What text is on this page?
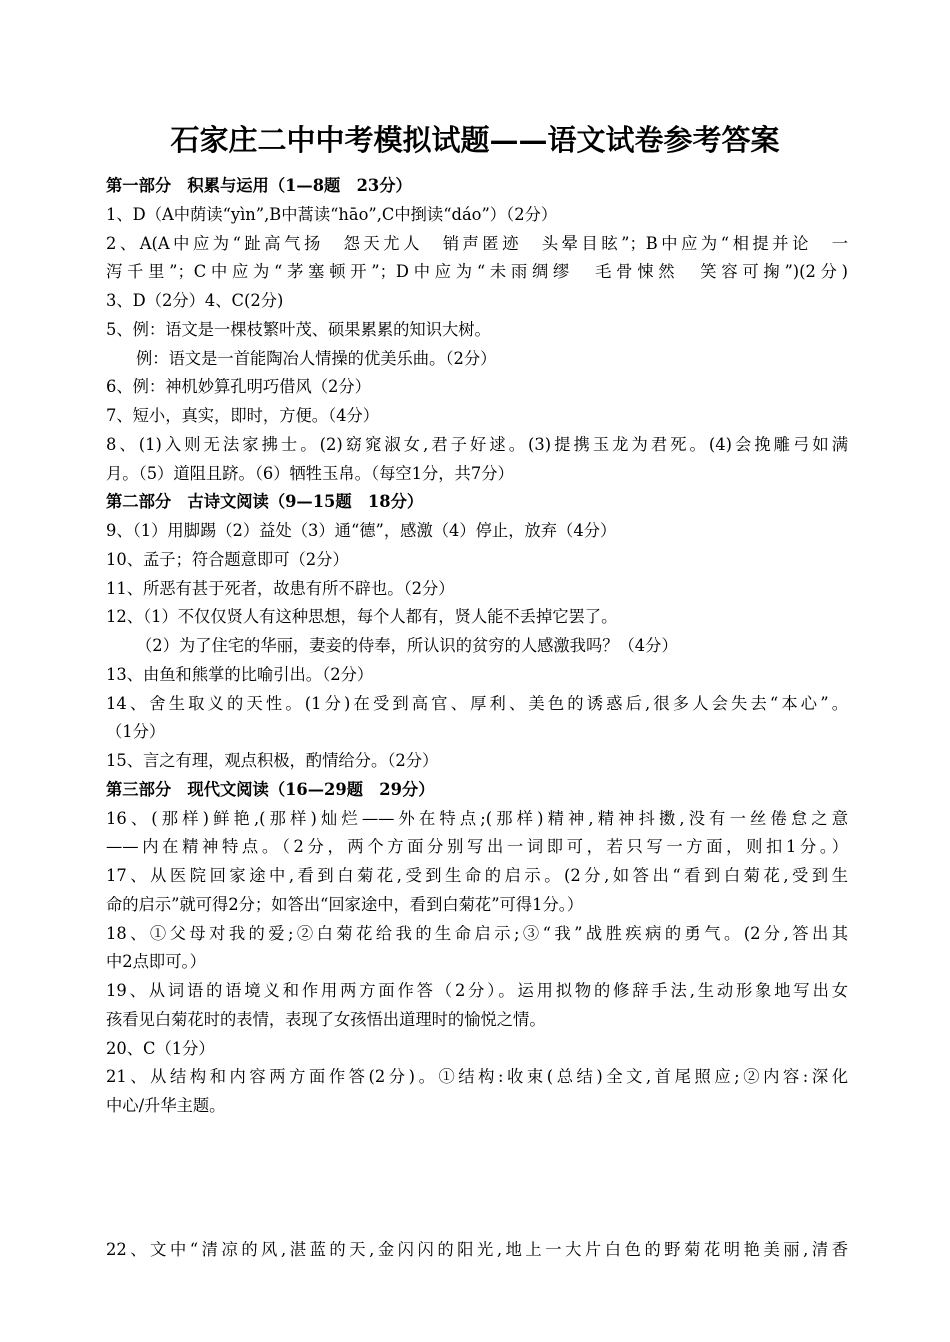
石家庄二中中考模拟试题——语文试卷参考答案
第一部分　积累与运用（1—8题　23分）
1、D（A中荫读“yìn”,B中蒿读“hāo”,C中捯读“dáo”）（2分）
2、A(A中应为“趾高气扬　怨天尤人　销声匿迹　头晕目眩”；B中应为“相提并论　一
泻千里”；C中应为“茅塞顿开”；D中应为“未雨绸缪　毛骨悚然　笑容可掬”)(2分)
3、D（2分）4、C(2分)
5、例：语文是一棵枝繁叶茂、硕果累累的知识大树。
例：语文是一首能陶冶人情操的优美乐曲。（2分）
6、例：神机妙算孔明巧借风（2分）
7、短小，真实，即时，方便。（4分）
8、(1)入则无法家拂士。(2)窈窕淑女,君子好逑。(3)提携玉龙为君死。(4)会挽雕弓如满
月。（5）道阻且跻。（6）牺牲玉帛。（每空1分，共7分）
第二部分　古诗文阅读（9—15题　18分）
9、（1）用脚踢（2）益处（3）通“德”，感激（4）停止，放弃（4分）
10、孟子；符合题意即可（2分）
11、所恶有甚于死者，故患有所不辟也。（2分）
12、（1）不仅仅贤人有这种思想，每个人都有，贤人能不丢掉它罢了。
（2）为了住宅的华丽，妻妾的侍奉，所认识的贫穷的人感激我吗？（4分）
13、由鱼和熊掌的比喻引出。（2分）
14、舍生取义的天性。(1分)在受到高官、厚利、美色的诱惑后,很多人会失去“本心”。
（1分）
15、言之有理，观点积极，酌情给分。（2分）
第三部分　现代文阅读（16—29题　29分）
16、(那样)鲜艳,(那样)灿烂——外在特点;(那样)精神,精神抖擞,没有一丝倦怠之意
——内在精神特点。（2分，两个方面分别写出一词即可，若只写一方面，则扣1分。）
17、从医院回家途中,看到白菊花,受到生命的启示。(2分,如答出“看到白菊花,受到生
命的启示”就可得2分；如答出“回家途中，看到白菊花”可得1分。）
18、①父母对我的爱;②白菊花给我的生命启示;③“我”战胜疾病的勇气。(2分,答出其
中2点即可。）
19、从词语的语境义和作用两方面作答（2分）。运用拟物的修辞手法,生动形象地写出女
孩看见白菊花时的表情，表现了女孩悟出道理时的愉悦之情。
20、C（1分）
21、从结构和内容两方面作答(2分)。①结构:收束(总结)全文,首尾照应;②内容:深化
中心/升华主题。
22、文中“清凉的风,湛蓝的天,金闪闪的阳光,地上一大片白色的野菊花明艳美丽,清香
